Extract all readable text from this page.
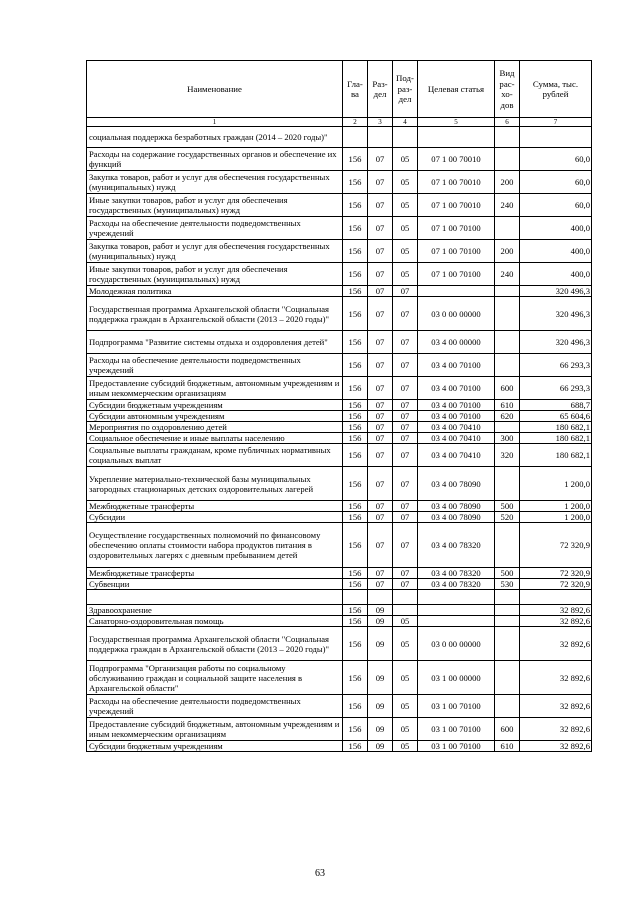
Наименование	Гла-ва	Раз-дел	Под-раз-дел	Целевая статья	Вид рас-хо-дов	Сумма, тыс. рублей
1	2	3	4	5	6	7
социальная поддержка безработных граждан (2014 – 2020 годы)"						
Расходы на содержание государственных органов и обеспечение их функций	156	07	05	07 1 00 70010		60,0
Закупка товаров, работ и услуг для обеспечения государственных (муниципальных) нужд	156	07	05	07 1 00 70010	200	60,0
Иные закупки товаров, работ и услуг для обеспечения государственных (муниципальных) нужд	156	07	05	07 1 00 70010	240	60,0
Расходы на обеспечение деятельности подведомственных учреждений	156	07	05	07 1 00 70100		400,0
Закупка товаров, работ и услуг для обеспечения государственных (муниципальных) нужд	156	07	05	07 1 00 70100	200	400,0
Иные закупки товаров, работ и услуг для обеспечения государственных (муниципальных) нужд	156	07	05	07 1 00 70100	240	400,0
Молодежная политика	156	07	07			320 496,3
Государственная программа Архангельской области "Социальная поддержка граждан в Архангельской области (2013 – 2020 годы)"	156	07	07	03 0 00 00000		320 496,3
Подпрограмма "Развитие системы отдыха и оздоровления детей"	156	07	07	03 4 00 00000		320 496,3
Расходы на обеспечение деятельности подведомственных учреждений	156	07	07	03 4 00 70100		66 293,3
Предоставление субсидий бюджетным, автономным учреждениям и иным некоммерческим организациям	156	07	07	03 4 00 70100	600	66 293,3
Субсидии бюджетным учреждениям	156	07	07	03 4 00 70100	610	688,7
Субсидии автономным учреждениям	156	07	07	03 4 00 70100	620	65 604,6
Мероприятия по оздоровлению детей	156	07	07	03 4 00 70410		180 682,1
Социальное обеспечение и иные выплаты населению	156	07	07	03 4 00 70410	300	180 682,1
Социальные выплаты гражданам, кроме публичных нормативных социальных выплат	156	07	07	03 4 00 70410	320	180 682,1
Укрепление материально-технической базы муниципальных загородных стационарных детских оздоровительных лагерей	156	07	07	03 4 00 78090		1 200,0
Межбюджетные трансферты	156	07	07	03 4 00 78090	500	1 200,0
Субсидии	156	07	07	03 4 00 78090	520	1 200,0
Осуществление государственных полномочий по финансовому обеспечению оплаты стоимости набора продуктов питания в оздоровительных лагерях с дневным пребыванием детей	156	07	07	03 4 00 78320		72 320,9
Межбюджетные трансферты	156	07	07	03 4 00 78320	500	72 320,9
Субвенции	156	07	07	03 4 00 78320	530	72 320,9

Здравоохранение	156	09				32 892,6
Санаторно-оздоровительная помощь	156	09	05			32 892,6
Государственная программа Архангельской области "Социальная поддержка граждан в Архангельской области (2013 – 2020 годы)"	156	09	05	03 0 00 00000		32 892,6
Подпрограмма "Организация работы по социальному обслуживанию граждан и социальной защите населения в Архангельской области"	156	09	05	03 1 00 00000		32 892,6
Расходы на обеспечение деятельности подведомственных учреждений	156	09	05	03 1 00 70100		32 892,6
Предоставление субсидий бюджетным, автономным учреждениям и иным некоммерческим организациям	156	09	05	03 1 00 70100	600	32 892,6
Субсидии бюджетным учреждениям	156	09	05	03 1 00 70100	610	32 892,6
63
